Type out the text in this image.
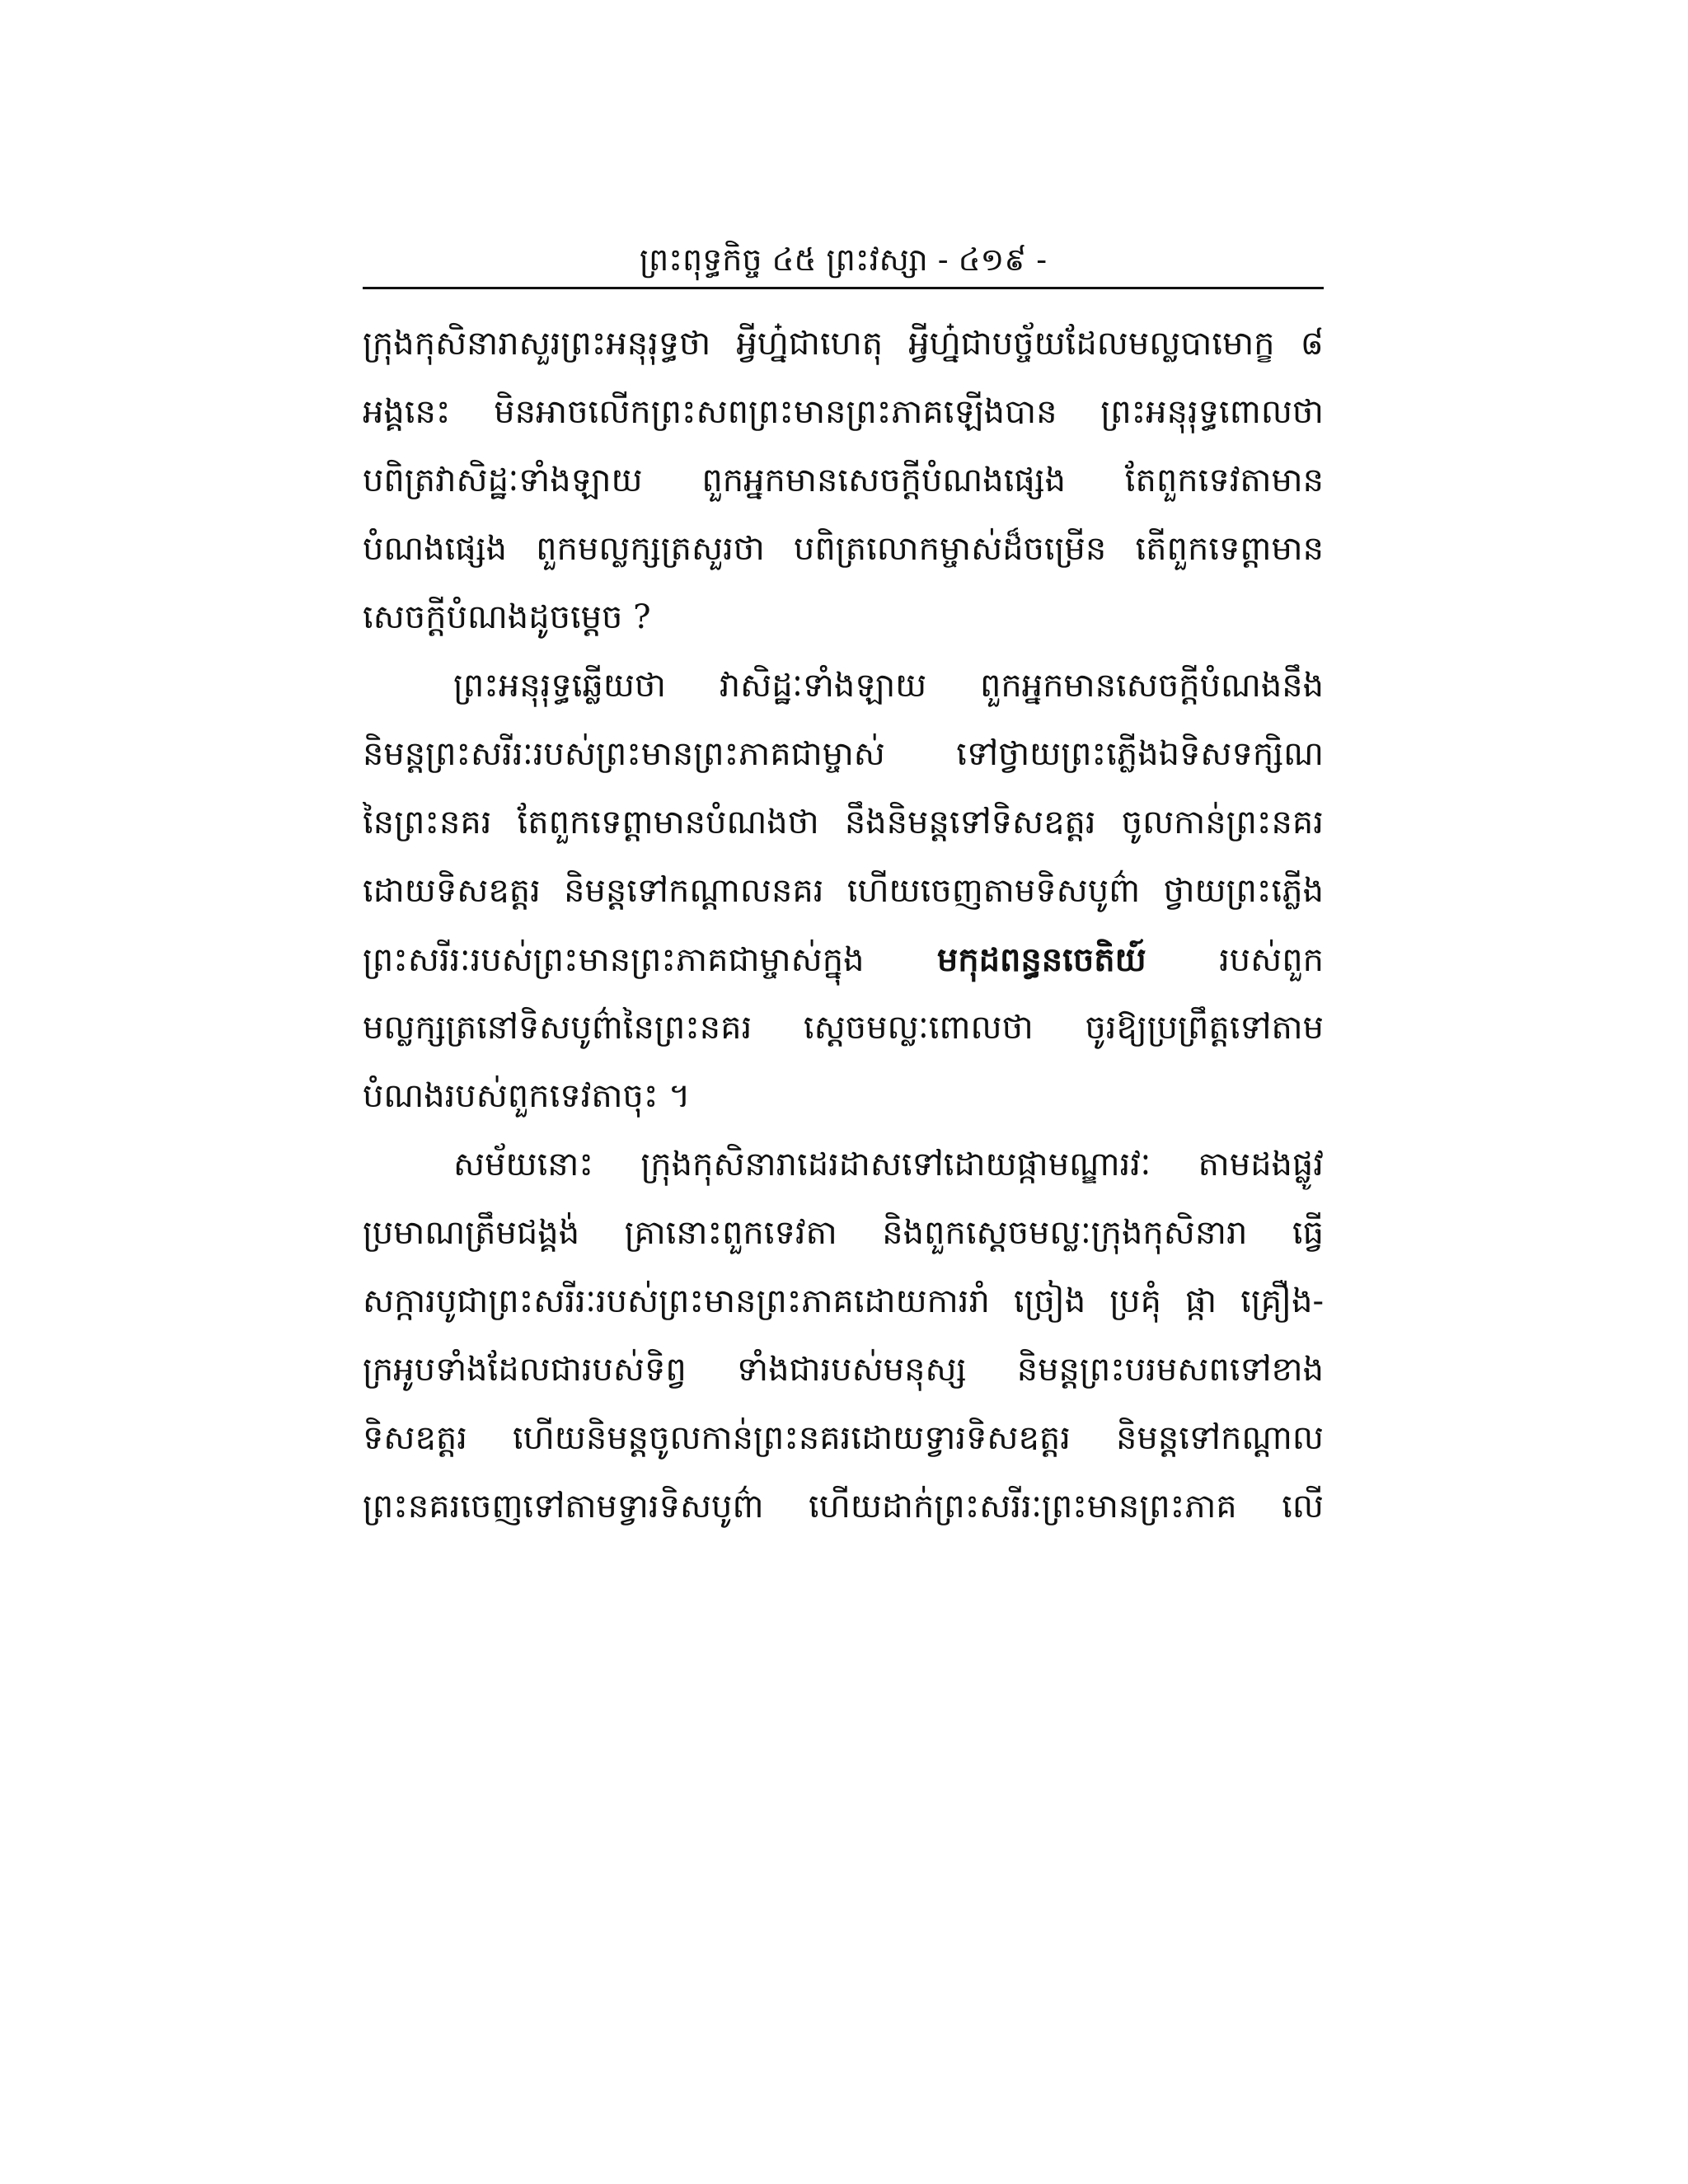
ព្រះពុទ្ធកិច្ច ៤៥ ព្រះវស្សា - ៤១៩ -
ក្រុងកុសិនារាសួរព្រះអនុរុទ្ធថា អ្វីហ្ន៎ជាហេតុ អ្វីហ្ន៎ជាបច្ច័យដែលមល្លបាមោក្ខ ៨
អង្គនេះ មិនអាចលើកព្រះសពព្រះមានព្រះភាគឡើងបាន ព្រះអនុរុទ្ធពោលថា
បពិត្រវាសិដ្ឋៈទាំងឡាយ ពួកអ្នកមានសេចក្តីបំណងផ្សេង តែពួកទេវតាមាន
បំណងផ្សេង ពួកមល្លក្សត្រសួរថា បពិត្រលោកម្ចាស់ដ៏ចម្រើន តើពួកទេព្តាមាន
សេចក្តីបំណងដូចម្តេច ?
ព្រះអនុរុទ្ធឆ្លើយថា វាសិដ្ឋៈទាំងឡាយ ពួកអ្នកមានសេចក្តីបំណងនឹង
និមន្តព្រះសរីរៈរបស់ព្រះមានព្រះភាគជាម្ចាស់ ទៅថ្វាយព្រះភ្លើងឯទិសទក្សិណ
នៃព្រះនគរ តែពួកទេព្តាមានបំណងថា នឹងនិមន្តទៅទិសឧត្តរ ចូលកាន់ព្រះនគរ
ដោយទិសឧត្តរ និមន្តទៅកណ្តាលនគរ ហើយចេញតាមទិសបូព៌ា ថ្វាយព្រះភ្លើង
ព្រះសរីរៈរបស់ព្រះមានព្រះភាគជាម្ចាស់ក្នុង មកុដពន្ធនចេតិយ៍ របស់ពួក
មល្លក្សត្រនៅទិសបូព៌ានៃព្រះនគរ ស្តេចមល្លៈពោលថា ចូរឱ្យប្រព្រឹត្តទៅតាម
បំណងរបស់ពួកទេវតាចុះ ។
សម័យនោះ ក្រុងកុសិនារាដេរដាសទៅដោយផ្កាមណ្ឌារវៈ តាមដងផ្លូវ
ប្រមាណត្រឹមជង្គង់ គ្រានោះពួកទេវតា និងពួកស្តេចមល្លៈក្រុងកុសិនារា ធ្វើ
សក្ការបូជាព្រះសរីរៈរបស់ព្រះមានព្រះភាគដោយការរាំ ច្រៀង ប្រគុំ ផ្កា គ្រឿង-
ក្រអូបទាំងដែលជារបស់ទិព្វ ទាំងជារបស់មនុស្ស និមន្តព្រះបរមសពទៅខាង
ទិសឧត្តរ ហើយនិមន្តចូលកាន់ព្រះនគរដោយទ្វារទិសឧត្តរ និមន្តទៅកណ្តាល
ព្រះនគរចេញទៅតាមទ្វារទិសបូព៌ា ហើយដាក់ព្រះសរីរៈព្រះមានព្រះភាគ លើ
